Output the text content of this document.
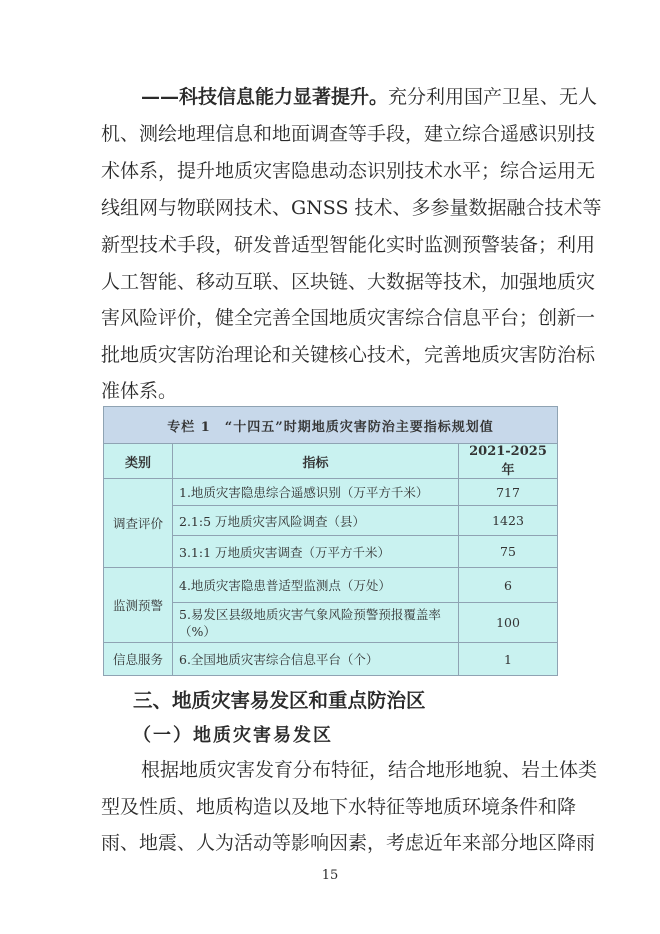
——科技信息能力显著提升。充分利用国产卫星、无人
机、测绘地理信息和地面调查等手段，建立综合遥感识别技
术体系，提升地质灾害隐患动态识别技术水平；综合运用无
线组网与物联网技术、GNSS 技术、多参量数据融合技术等
新型技术手段，研发普适型智能化实时监测预警装备；利用
人工智能、移动互联、区块链、大数据等技术，加强地质灾
害风险评价，健全完善全国地质灾害综合信息平台；创新一
批地质灾害防治理论和关键核心技术，完善地质灾害防治标
准体系。
专栏 1　“十四五”时期地质灾害防治主要指标规划值		
类别	指标	2021-2025 年
调查评价	1.地质灾害隐患综合遥感识别（万平方千米）	717
	2.1:5 万地质灾害风险调查（县）	1423
	3.1:1 万地质灾害调查（万平方千米）	75
监测预警	4.地质灾害隐患普适型监测点（万处）	6
	5.易发区县级地质灾害气象风险预警预报覆盖率（%）	100
信息服务	6.全国地质灾害综合信息平台（个）	1
三、地质灾害易发区和重点防治区
（一）地质灾害易发区
根据地质灾害发育分布特征，结合地形地貌、岩土体类
型及性质、地质构造以及地下水特征等地质环境条件和降
雨、地震、人为活动等影响因素，考虑近年来部分地区降雨
15
